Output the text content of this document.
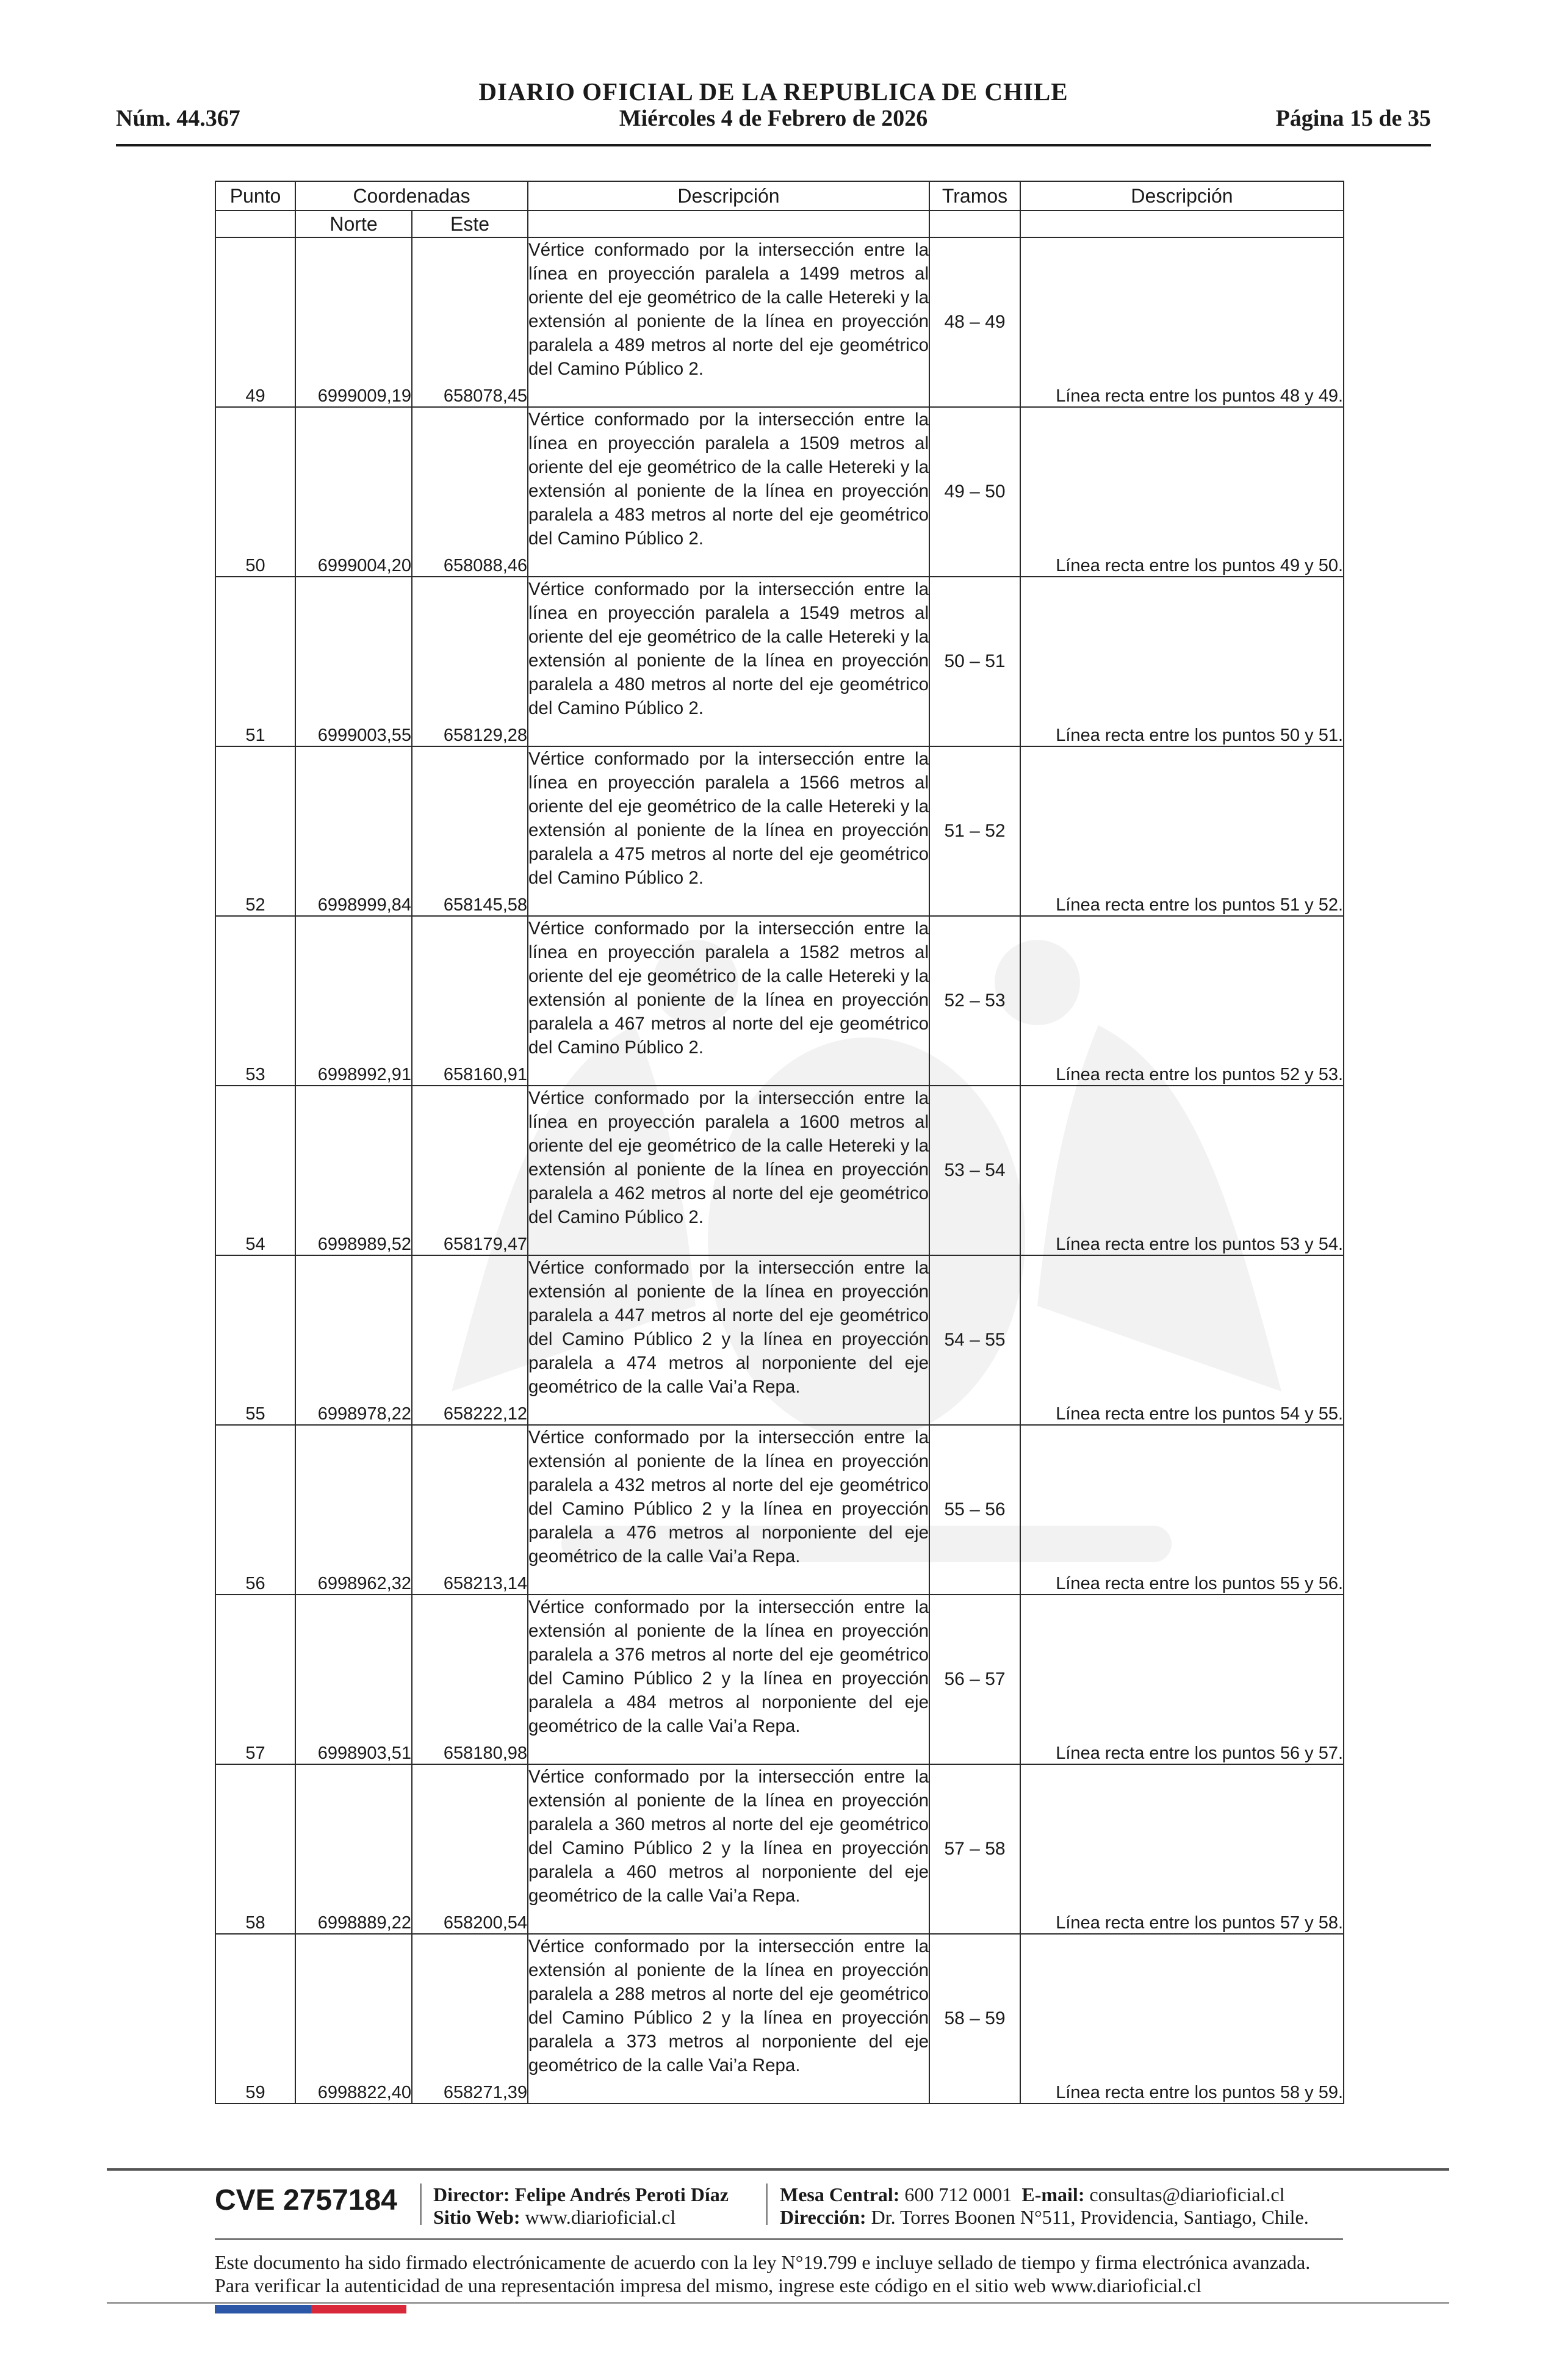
DIARIO OFICIAL DE LA REPUBLICA DE CHILE
Núm. 44.367	Miércoles 4 de Febrero de 2026	Página 15 de 35
Punto	Coordenadas		Descripción	Tramos	Descripción
	Norte	Este			
49	6999009,19	658078,45	Vértice conformado por la intersección entre la línea en proyección paralela a 1499 metros al oriente del eje geométrico de la calle Hetereki y la extensión al poniente de la línea en proyección paralela a 489 metros al norte del eje geométrico del Camino Público 2.	48 – 49	Línea recta entre los puntos 48 y 49.
50	6999004,20	658088,46	Vértice conformado por la intersección entre la línea en proyección paralela a 1509 metros al oriente del eje geométrico de la calle Hetereki y la extensión al poniente de la línea en proyección paralela a 483 metros al norte del eje geométrico del Camino Público 2.	49 – 50	Línea recta entre los puntos 49 y 50.
51	6999003,55	658129,28	Vértice conformado por la intersección entre la línea en proyección paralela a 1549 metros al oriente del eje geométrico de la calle Hetereki y la extensión al poniente de la línea en proyección paralela a 480 metros al norte del eje geométrico del Camino Público 2.	50 – 51	Línea recta entre los puntos 50 y 51.
52	6998999,84	658145,58	Vértice conformado por la intersección entre la línea en proyección paralela a 1566 metros al oriente del eje geométrico de la calle Hetereki y la extensión al poniente de la línea en proyección paralela a 475 metros al norte del eje geométrico del Camino Público 2.	51 – 52	Línea recta entre los puntos 51 y 52.
53	6998992,91	658160,91	Vértice conformado por la intersección entre la línea en proyección paralela a 1582 metros al oriente del eje geométrico de la calle Hetereki y la extensión al poniente de la línea en proyección paralela a 467 metros al norte del eje geométrico del Camino Público 2.	52 – 53	Línea recta entre los puntos 52 y 53.
54	6998989,52	658179,47	Vértice conformado por la intersección entre la línea en proyección paralela a 1600 metros al oriente del eje geométrico de la calle Hetereki y la extensión al poniente de la línea en proyección paralela a 462 metros al norte del eje geométrico del Camino Público 2.	53 – 54	Línea recta entre los puntos 53 y 54.
55	6998978,22	658222,12	Vértice conformado por la intersección entre la extensión al poniente de la línea en proyección paralela a 447 metros al norte del eje geométrico del Camino Público 2 y la línea en proyección paralela a 474 metros al norponiente del eje geométrico de la calle Vai’a Repa.	54 – 55	Línea recta entre los puntos 54 y 55.
56	6998962,32	658213,14	Vértice conformado por la intersección entre la extensión al poniente de la línea en proyección paralela a 432 metros al norte del eje geométrico del Camino Público 2 y la línea en proyección paralela a 476 metros al norponiente del eje geométrico de la calle Vai’a Repa.	55 – 56	Línea recta entre los puntos 55 y 56.
57	6998903,51	658180,98	Vértice conformado por la intersección entre la extensión al poniente de la línea en proyección paralela a 376 metros al norte del eje geométrico del Camino Público 2 y la línea en proyección paralela a 484 metros al norponiente del eje geométrico de la calle Vai’a Repa.	56 – 57	Línea recta entre los puntos 56 y 57.
58	6998889,22	658200,54	Vértice conformado por la intersección entre la extensión al poniente de la línea en proyección paralela a 360 metros al norte del eje geométrico del Camino Público 2 y la línea en proyección paralela a 460 metros al norponiente del eje geométrico de la calle Vai’a Repa.	57 – 58	Línea recta entre los puntos 57 y 58.
59	6998822,40	658271,39	Vértice conformado por la intersección entre la extensión al poniente de la línea en proyección paralela a 288 metros al norte del eje geométrico del Camino Público 2 y la línea en proyección paralela a 373 metros al norponiente del eje geométrico de la calle Vai’a Repa.	58 – 59	Línea recta entre los puntos 58 y 59.
CVE 2757184 Director: Felipe Andrés Peroti Díaz
Sitio Web: www.diarioficial.cl
Mesa Central: 600 712 0001 E-mail: consultas@diarioficial.cl
Dirección: Dr. Torres Boonen N°511, Providencia, Santiago, Chile.
Este documento ha sido firmado electrónicamente de acuerdo con la ley N°19.799 e incluye sellado de tiempo y firma electrónica avanzada. Para verificar la autenticidad de una representación impresa del mismo, ingrese este código en el sitio web www.diarioficial.cl
